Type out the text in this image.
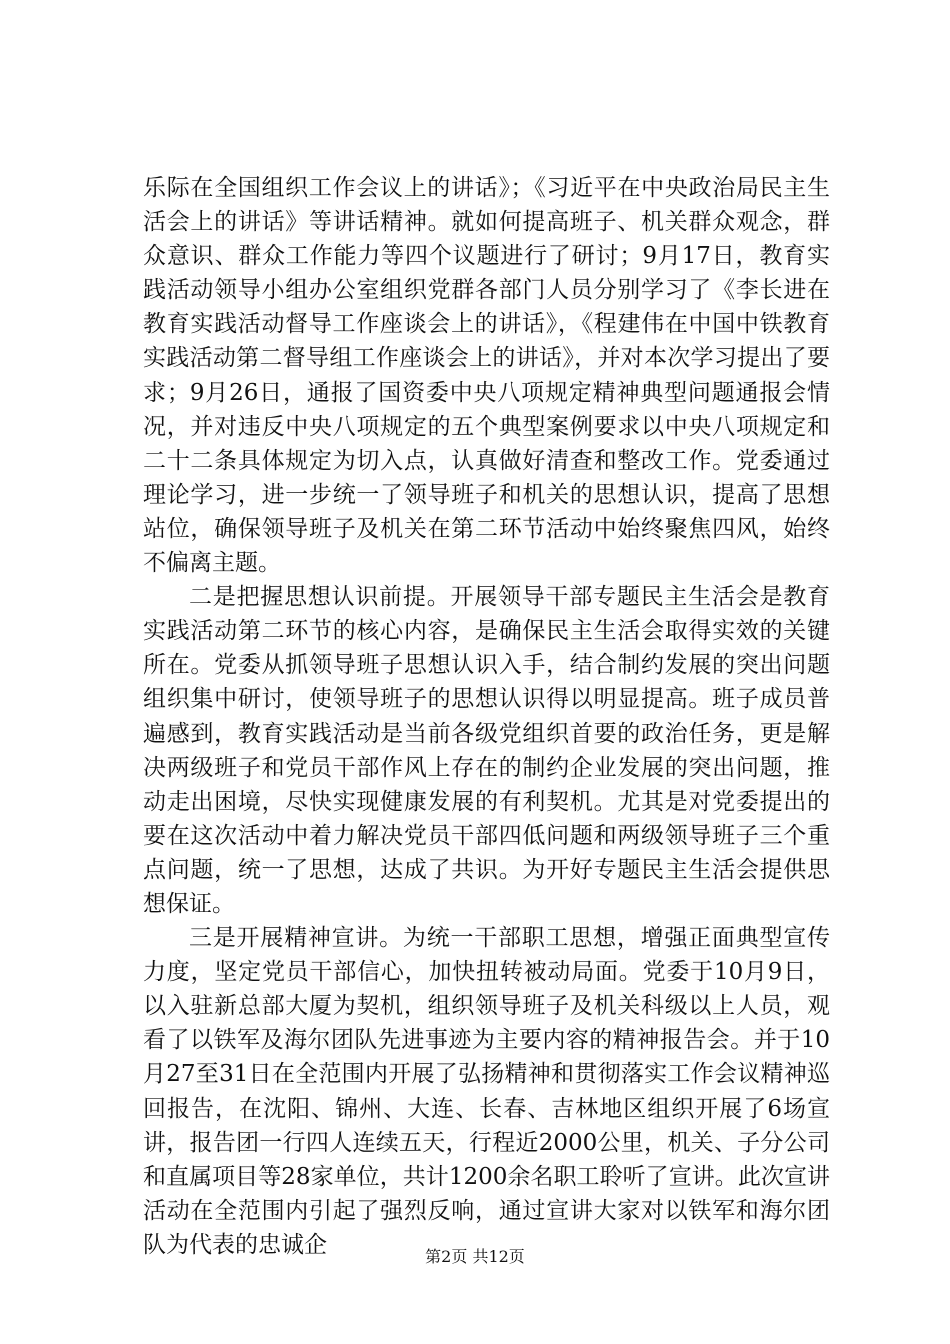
乐际在全国组织工作会议上的讲话》；《习近平在中央政治局民主生活会上的讲话》等讲话精神。就如何提高班子、机关群众观念，群众意识、群众工作能力等四个议题进行了研讨；9月17日，教育实践活动领导小组办公室组织党群各部门人员分别学习了《李长进在教育实践活动督导工作座谈会上的讲话》，《程建伟在中国中铁教育实践活动第二督导组工作座谈会上的讲话》，并对本次学习提出了要求；9月26日，通报了国资委中央八项规定精神典型问题通报会情况，并对违反中央八项规定的五个典型案例要求以中央八项规定和二十二条具体规定为切入点，认真做好清查和整改工作。党委通过理论学习，进一步统一了领导班子和机关的思想认识，提高了思想站位，确保领导班子及机关在第二环节活动中始终聚焦四风，始终不偏离主题。

二是把握思想认识前提。开展领导干部专题民主生活会是教育实践活动第二环节的核心内容，是确保民主生活会取得实效的关键所在。党委从抓领导班子思想认识入手，结合制约发展的突出问题组织集中研讨，使领导班子的思想认识得以明显提高。班子成员普遍感到，教育实践活动是当前各级党组织首要的政治任务，更是解决两级班子和党员干部作风上存在的制约企业发展的突出问题，推动走出困境，尽快实现健康发展的有利契机。尤其是对党委提出的要在这次活动中着力解决党员干部四低问题和两级领导班子三个重点问题，统一了思想，达成了共识。为开好专题民主生活会提供思想保证。

三是开展精神宣讲。为统一干部职工思想，增强正面典型宣传力度，坚定党员干部信心，加快扭转被动局面。党委于10月9日，以入驻新总部大厦为契机，组织领导班子及机关科级以上人员，观看了以铁军及海尔团队先进事迹为主要内容的精神报告会。并于10月27至31日在全范围内开展了弘扬精神和贯彻落实工作会议精神巡回报告，在沈阳、锦州、大连、长春、吉林地区组织开展了6场宣讲，报告团一行四人连续五天，行程近2000公里，机关、子分公司和直属项目等28家单位，共计1200余名职工聆听了宣讲。此次宣讲活动在全范围内引起了强烈反响，通过宣讲大家对以铁军和海尔团队为代表的忠诚企	第2页 共12页
